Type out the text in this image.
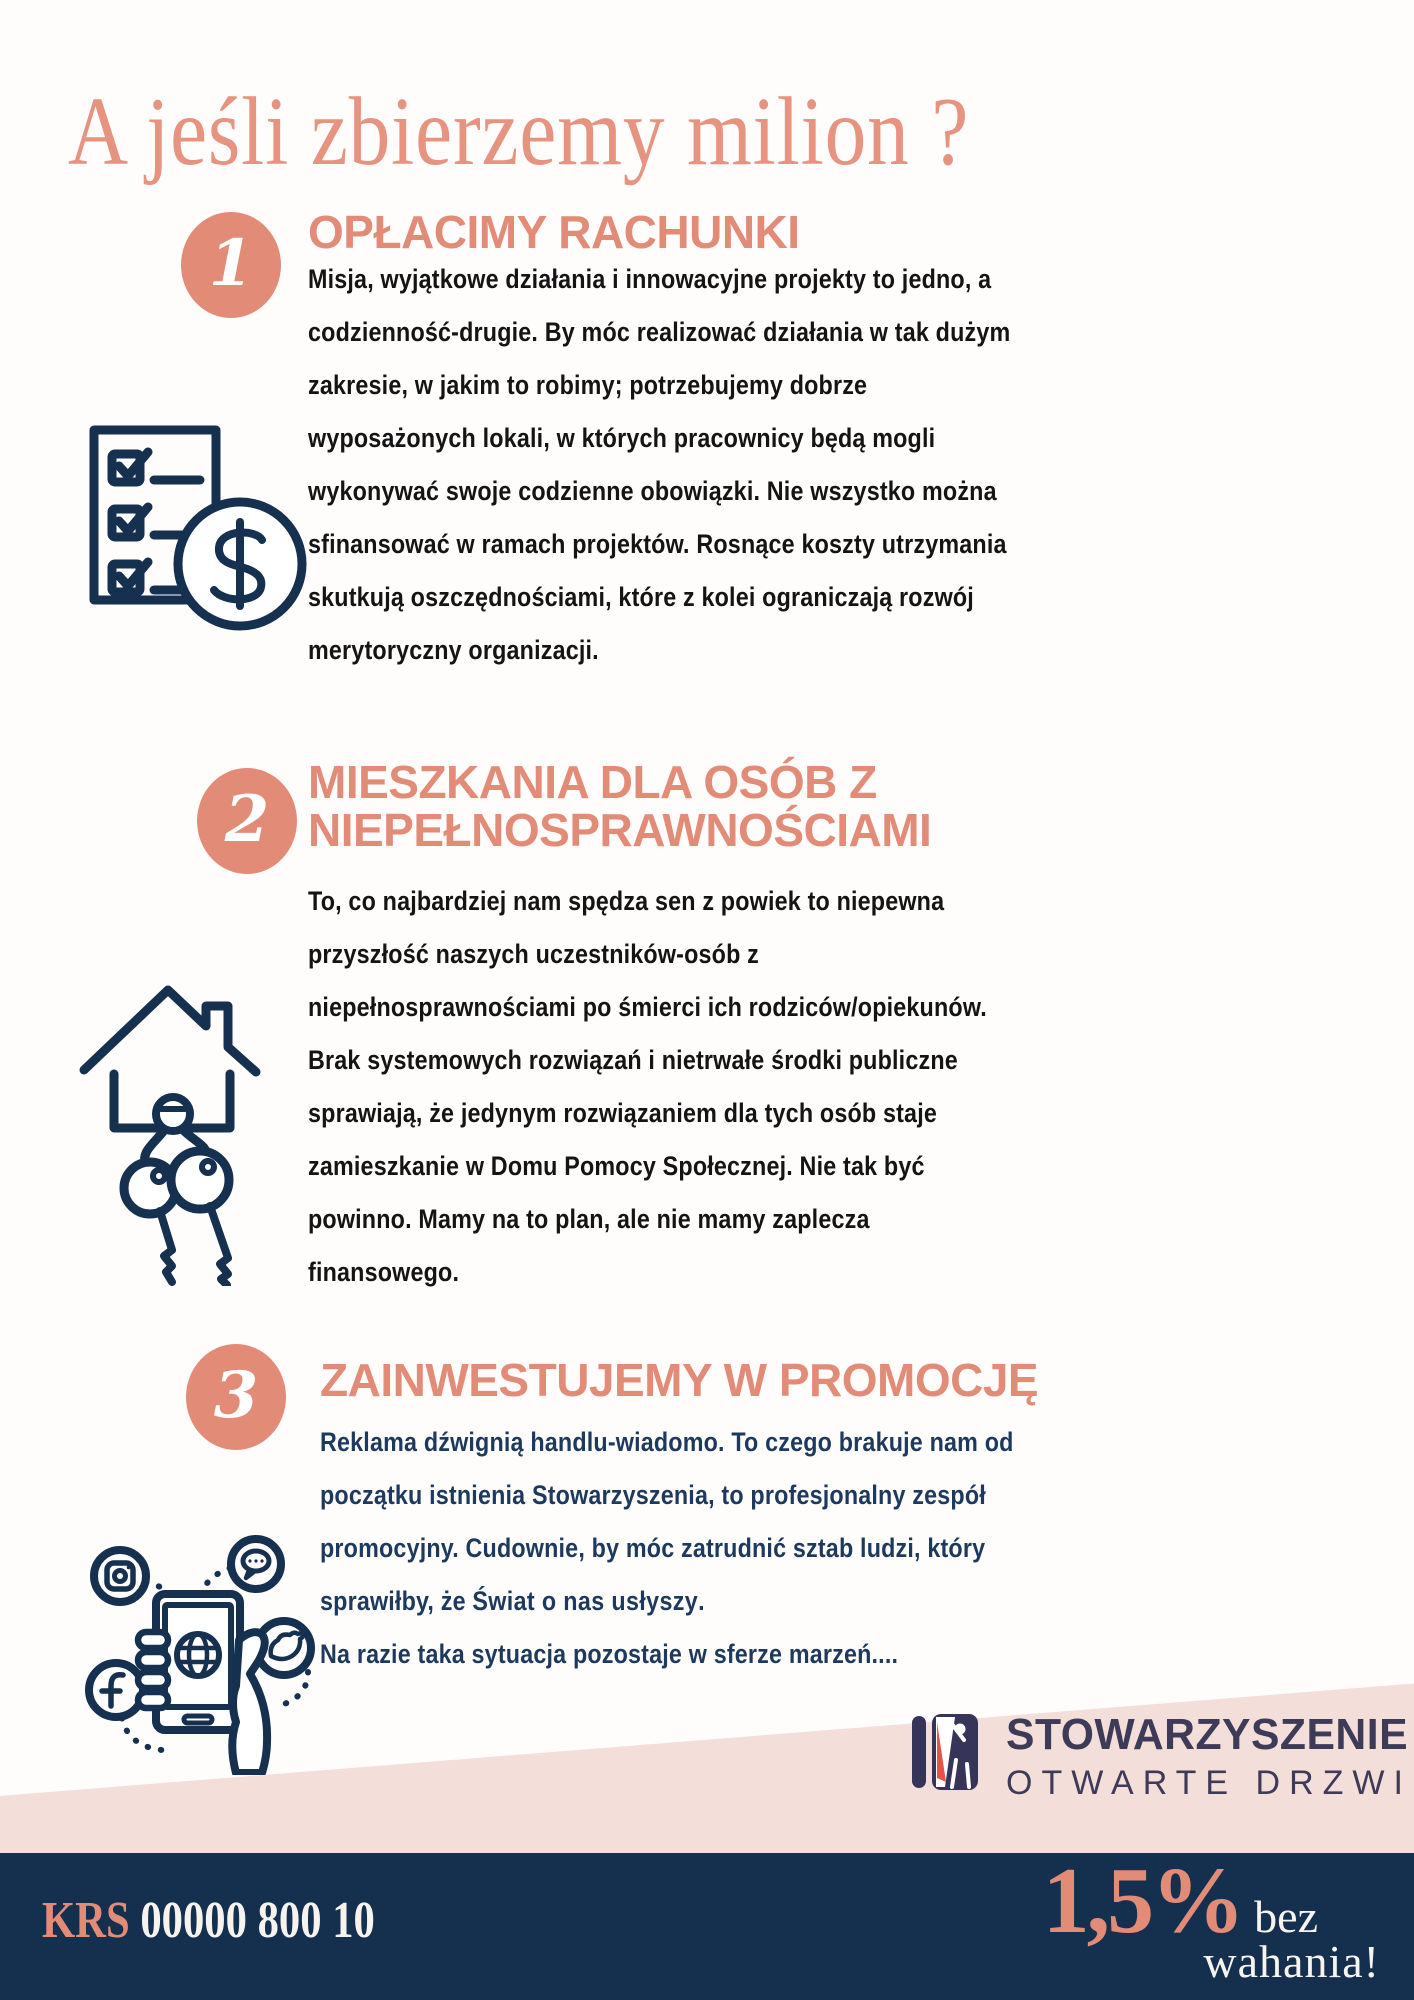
A jeśli zbierzemy milion ?
1 OPŁACIMY RACHUNKI
Misja, wyjątkowe działania i innowacyjne projekty to jedno, a
codzienność-drugie. By móc realizować działania w tak dużym
zakresie, w jakim to robimy; potrzebujemy dobrze
wyposażonych lokali, w których pracownicy będą mogli
wykonywać swoje codzienne obowiązki. Nie wszystko można
sfinansować w ramach projektów. Rosnące koszty utrzymania
skutkują oszczędnościami, które z kolei ograniczają rozwój
merytoryczny organizacji.
2 MIESZKANIA DLA OSÓB Z
NIEPEŁNOSPRAWNOŚCIAMI
To, co najbardziej nam spędza sen z powiek to niepewna
przyszłość naszych uczestników-osób z
niepełnosprawnościami po śmierci ich rodziców/opiekunów.
Brak systemowych rozwiązań i nietrwałe środki publiczne
sprawiają, że jedynym rozwiązaniem dla tych osób staje
zamieszkanie w Domu Pomocy Społecznej. Nie tak być
powinno. Mamy na to plan, ale nie mamy zaplecza
finansowego.
3 ZAINWESTUJEMY W PROMOCJĘ
Reklama dźwignią handlu-wiadomo. To czego brakuje nam od
początku istnienia Stowarzyszenia, to profesjonalny zespół
promocyjny. Cudownie, by móc zatrudnić sztab ludzi, który
sprawiłby, że Świat o nas usłyszy.
Na razie taka sytuacja pozostaje w sferze marzeń....
STOWARZYSZENIE
OTWARTE DRZWI
KRS 00000 800 10	1,5% bez
wahania!
